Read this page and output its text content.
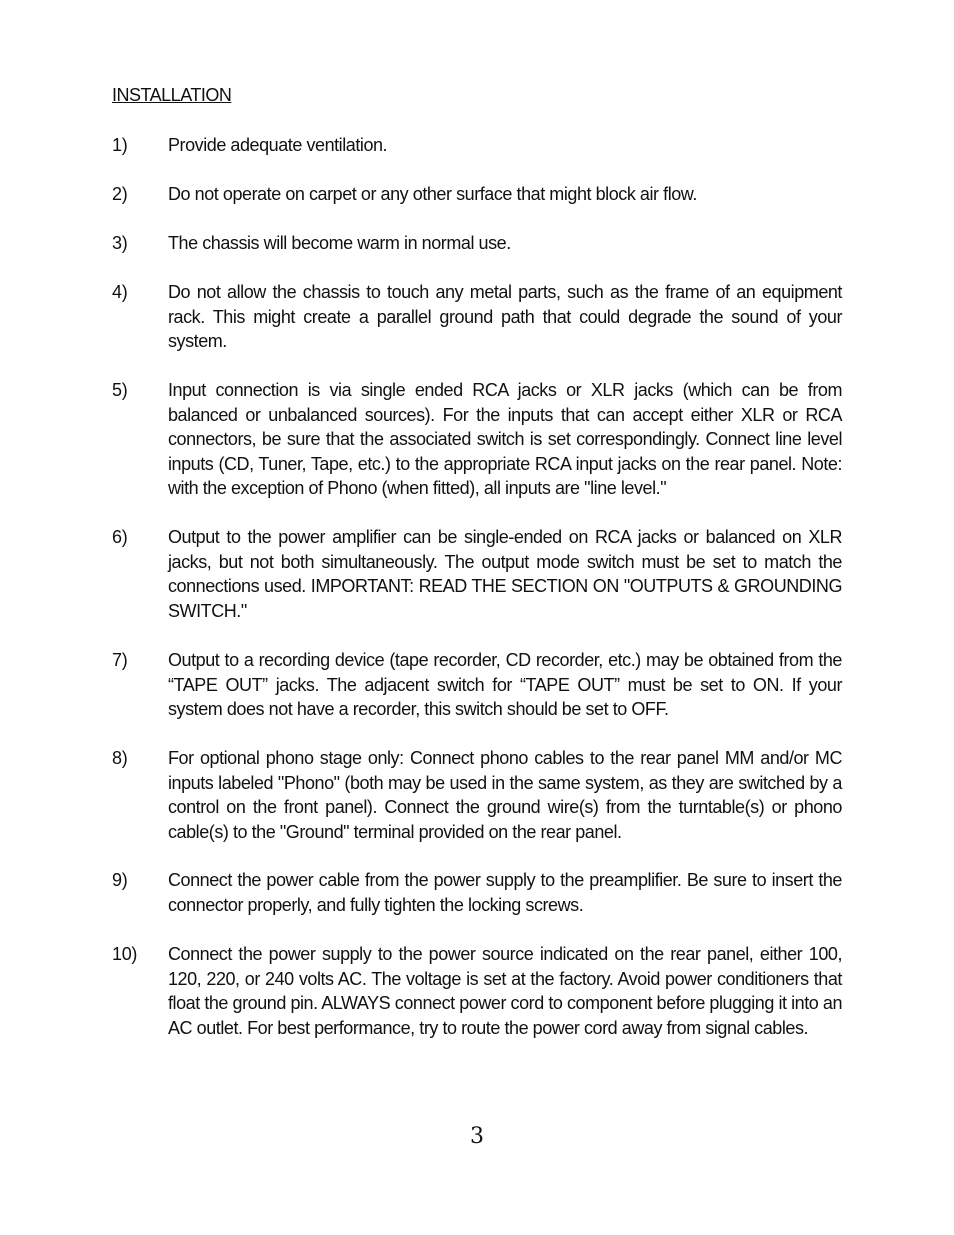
INSTALLATION
1)	Provide adequate ventilation.
2)	Do not operate on carpet or any other surface that might block air flow.
3)	The chassis will become warm in normal use.
4)	Do not allow the chassis to touch any metal parts, such as the frame of an equipment rack. This might create a parallel ground path that could degrade the sound of your system.
5)	Input connection is via single ended RCA jacks or XLR jacks (which can be from balanced or unbalanced sources). For the inputs that can accept either XLR or RCA connectors, be sure that the associated switch is set correspondingly. Connect line level inputs (CD, Tuner, Tape, etc.) to the appropriate RCA input jacks on the rear panel. Note: with the exception of Phono (when fitted), all inputs are "line level."
6)	Output to the power amplifier can be single-ended on RCA jacks or balanced on XLR jacks, but not both simultaneously. The output mode switch must be set to match the connections used. IMPORTANT: READ THE SECTION ON "OUTPUTS & GROUNDING SWITCH."
7)	Output to a recording device (tape recorder, CD recorder, etc.) may be obtained from the “TAPE OUT” jacks. The adjacent switch for “TAPE OUT” must be set to ON. If your system does not have a recorder, this switch should be set to OFF.
8)	For optional phono stage only: Connect phono cables to the rear panel MM and/or MC inputs labeled "Phono" (both may be used in the same system, as they are switched by a control on the front panel). Connect the ground wire(s) from the turntable(s) or phono cable(s) to the "Ground" terminal provided on the rear panel.
9)	Connect the power cable from the power supply to the preamplifier. Be sure to insert the connector properly, and fully tighten the locking screws.
10)	Connect the power supply to the power source indicated on the rear panel, either 100, 120, 220, or 240 volts AC. The voltage is set at the factory. Avoid power conditioners that float the ground pin. ALWAYS connect power cord to component before plugging it into an AC outlet. For best performance, try to route the power cord away from signal cables.
3
